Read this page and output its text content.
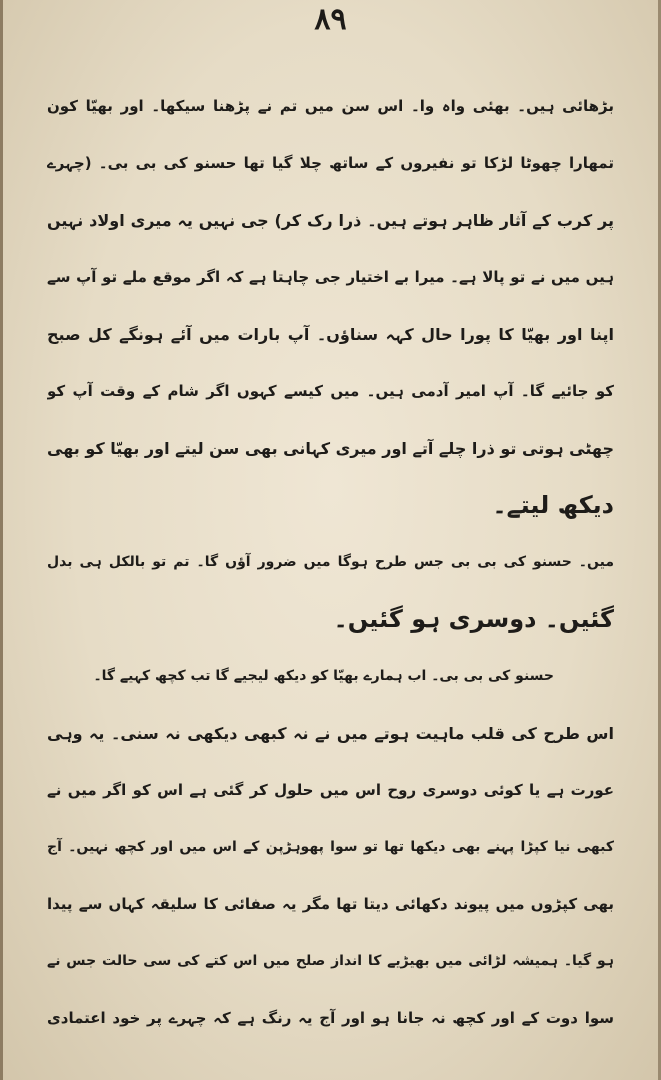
۸۹
بڑھائی ہیں۔ بھئی واہ وا۔ اس سن میں تم نے پڑھنا سیکھا۔ اور بھیّا کون
تمھارا چھوٹا لڑکا تو نفیروں کے ساتھ چلا گیا تھا حسنو کی بی بی۔ (چہرے
پر کرب کے آثار ظاہر ہوتے ہیں۔ ذرا رک کر) جی نہیں یہ میری اولاد نہیں
ہیں میں نے تو پالا ہے۔ میرا بے اختیار جی چاہتا ہے کہ اگر موقع ملے تو آپ سے
اپنا اور بھیّا کا پورا حال کہہ سناؤں۔ آپ بارات میں آئے ہونگے کل صبح
کو جائیے گا۔ آپ امیر آدمی ہیں۔ میں کیسے کہوں اگر شام کے وقت آپ کو
چھٹی ہوتی تو ذرا چلے آتے اور میری کہانی بھی سن لیتے اور بھیّا کو بھی
دیکھ لیتے۔
میں۔ حسنو کی بی بی جس طرح ہوگا میں ضرور آؤں گا۔ تم تو بالکل ہی بدل
گئیں۔ دوسری ہو گئیں۔
حسنو کی بی بی۔ اب ہمارے بھیّا کو دیکھ لیجیے گا تب کچھ کہیے گا۔
اس طرح کی قلب ماہیت ہوتے میں نے نہ کبھی دیکھی نہ سنی۔ یہ وہی
عورت ہے یا کوئی دوسری روح اس میں حلول کر گئی ہے اس کو اگر میں نے
کبھی نیا کپڑا پہنے بھی دیکھا تھا تو سوا پھوہڑپن کے اس میں اور کچھ نہیں۔ آج
بھی کپڑوں میں پیوند دکھائی دیتا تھا مگر یہ صفائی کا سلیقہ کہاں سے پیدا
ہو گیا۔ ہمیشہ لڑائی میں بھیڑیے کا انداز صلح میں اس کتے کی سی حالت جس نے
سوا دوت کے اور کچھ نہ جانا ہو اور آج یہ رنگ ہے کہ چہرے پر خود اعتمادی
